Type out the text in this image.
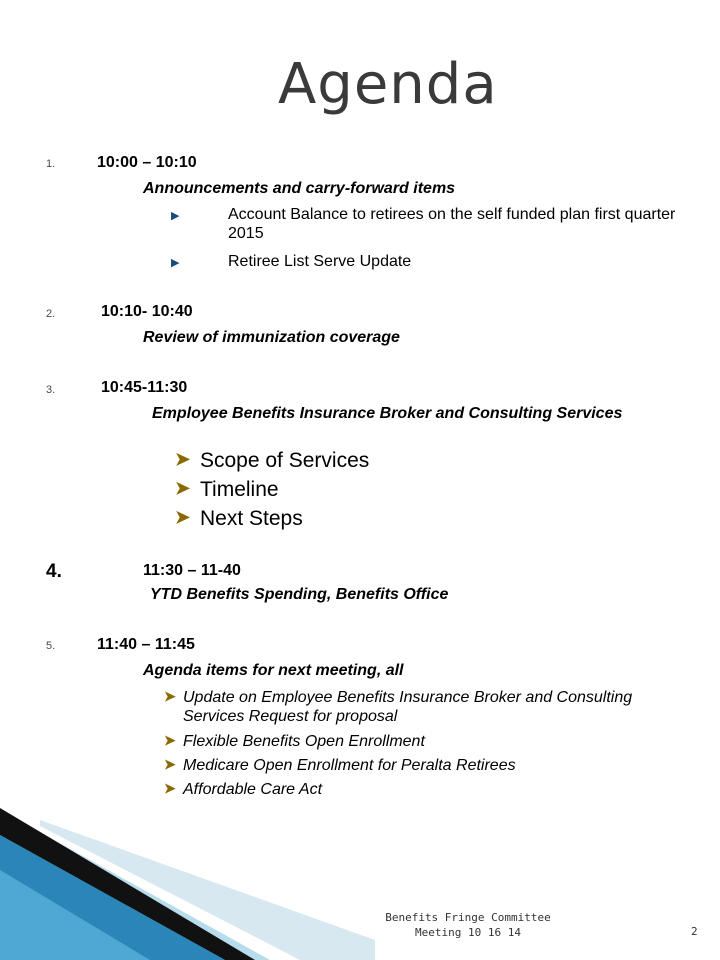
Agenda
1.	10:00 – 10:10
Announcements and carry-forward items
▶	Account Balance to retirees on the self funded plan first quarter 2015
▶	Retiree List Serve Update
2.	10:10- 10:40
Review of immunization coverage
3.	10:45-11:30
Employee Benefits Insurance Broker and Consulting Services
➤ Scope of Services
➤ Timeline
➤ Next Steps
4.	11:30 – 11-40
YTD Benefits Spending, Benefits Office
5.	11:40 – 11:45
Agenda items for next meeting, all
➤ Update on Employee Benefits Insurance Broker and Consulting Services Request for proposal
➤ Flexible Benefits Open Enrollment
➤ Medicare Open Enrollment for Peralta Retirees
➤ Affordable Care Act
Benefits Fringe Committee
Meeting 10 16 14	2
